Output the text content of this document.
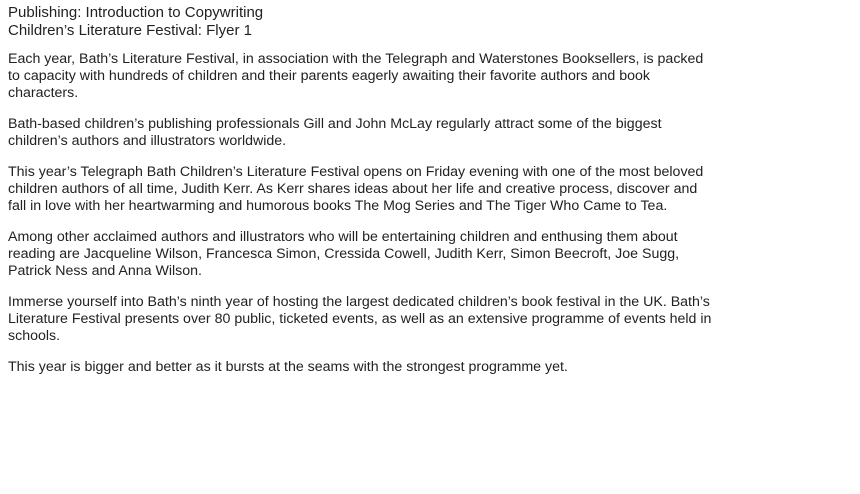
Publishing: Introduction to Copywriting
Children’s Literature Festival: Flyer 1

Each year, Bath’s Literature Festival, in association with the Telegraph and Waterstones Booksellers, is packed to capacity with hundreds of children and their parents eagerly awaiting their favorite authors and book characters.

Bath-based children’s publishing professionals Gill and John McLay regularly attract some of the biggest children’s authors and illustrators worldwide.

This year’s Telegraph Bath Children’s Literature Festival opens on Friday evening with one of the most beloved children authors of all time, Judith Kerr. As Kerr shares ideas about her life and creative process, discover and fall in love with her heartwarming and humorous books The Mog Series and The Tiger Who Came to Tea.

Among other acclaimed authors and illustrators who will be entertaining children and enthusing them about reading are Jacqueline Wilson, Francesca Simon, Cressida Cowell, Judith Kerr, Simon Beecroft, Joe Sugg, Patrick Ness and Anna Wilson.

Immerse yourself into Bath’s ninth year of hosting the largest dedicated children’s book festival in the UK. Bath’s Literature Festival presents over 80 public, ticketed events, as well as an extensive programme of events held in schools.

This year is bigger and better as it bursts at the seams with the strongest programme yet.
